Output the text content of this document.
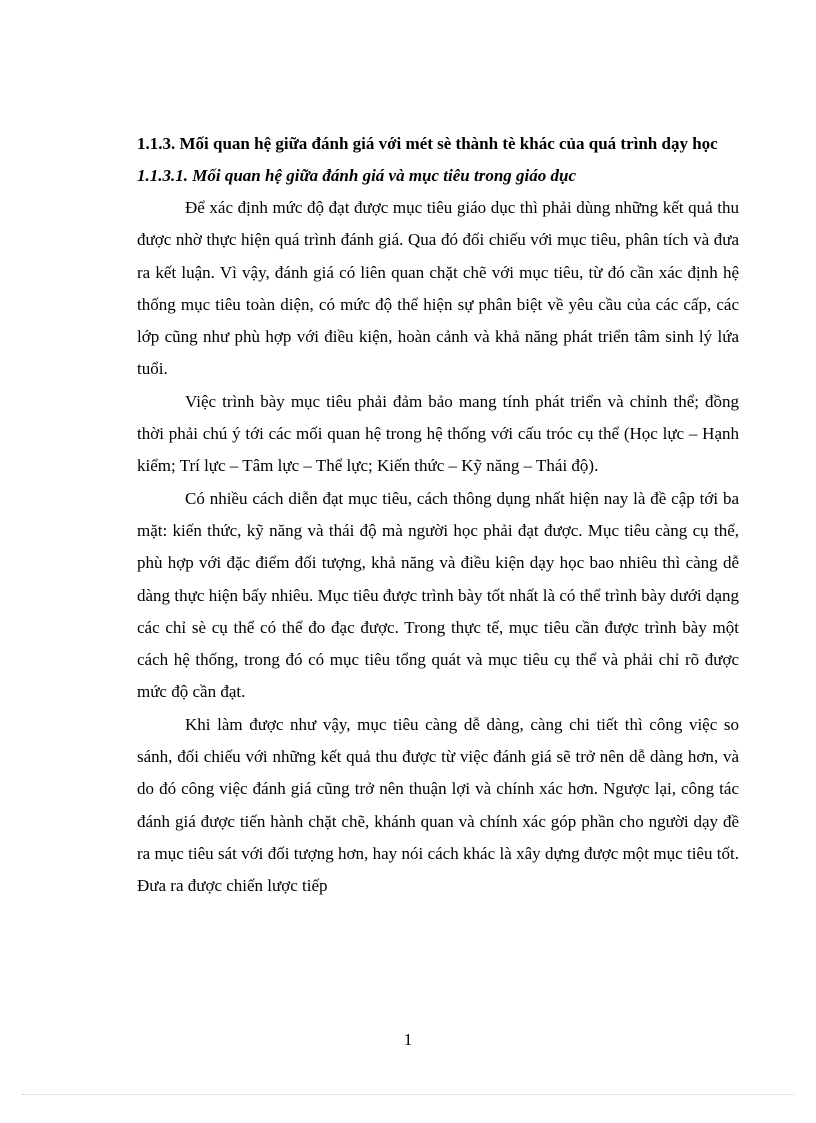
1.1.3. Mối quan hệ giữa đánh giá với mét sè thành tè khác của quá trình dạy học

1.1.3.1. Mối quan hệ giữa đánh giá và mục tiêu trong giáo dục

Để xác định mức độ đạt được mục tiêu giáo dục thì phải dùng những kết quả thu được nhờ thực hiện quá trình đánh giá. Qua đó đối chiếu với mục tiêu, phân tích và đưa ra kết luận. Vì vậy, đánh giá có liên quan chặt chẽ với mục tiêu, từ đó cần xác định hệ thống mục tiêu toàn diện, có mức độ thể hiện sự phân biệt về yêu cầu của các cấp, các lớp cũng như phù hợp với điều kiện, hoàn cảnh và khả năng phát triển tâm sinh lý lứa tuổi.

Việc trình bày mục tiêu phải đảm bảo mang tính phát triển và chỉnh thể; đồng thời phải chú ý tới các mối quan hệ trong hệ thống với cấu tróc cụ thể (Học lực – Hạnh kiểm; Trí lực – Tâm lực – Thể lực; Kiến thức – Kỹ năng – Thái độ).

Có nhiều cách diễn đạt mục tiêu, cách thông dụng nhất hiện nay là đề cập tới ba mặt: kiến thức, kỹ năng và thái độ mà người học phải đạt được. Mục tiêu càng cụ thể, phù hợp với đặc điểm đối tượng, khả năng và điều kiện dạy học bao nhiêu thì càng dễ dàng thực hiện bấy nhiêu. Mục tiêu được trình bày tốt nhất là có thể trình bày dưới dạng các chỉ sè cụ thể có thể đo đạc được. Trong thực tế, mục tiêu cần được trình bày một cách hệ thống, trong đó có mục tiêu tổng quát và mục tiêu cụ thể và phải chỉ rõ được mức độ cần đạt.

Khi làm được như vậy, mục tiêu càng dễ dàng, càng chi tiết thì công việc so sánh, đối chiếu với những kết quả thu được từ việc đánh giá sẽ trở nên dễ dàng hơn, và do đó công việc đánh giá cũng trở nên thuận lợi và chính xác hơn. Ngược lại, công tác đánh giá được tiến hành chặt chẽ, khánh quan và chính xác góp phần cho người dạy đề ra mục tiêu sát với đối tượng hơn, hay nói cách khác là xây dựng được một mục tiêu tốt. Đưa ra được chiến lược tiếp

1
